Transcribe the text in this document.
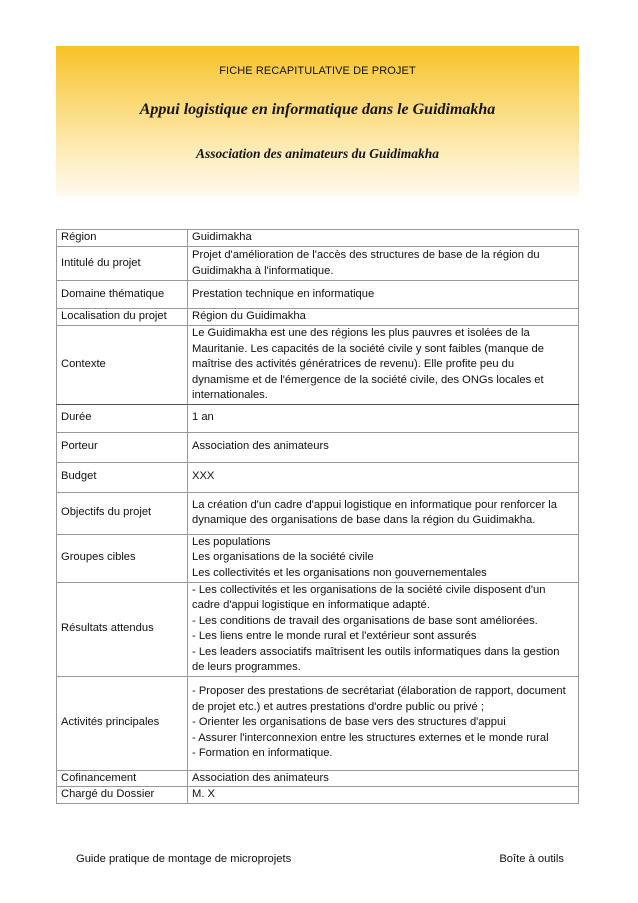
FICHE RECAPITULATIVE DE PROJET
Appui logistique en informatique dans le Guidimakha
Association des animateurs du Guidimakha
Région	Guidimakha
Intitulé du projet	Projet d'amélioration de l'accès des structures de base de la région du Guidimakha à l'informatique.
Domaine thématique	Prestation technique en informatique
Localisation du projet	Région du Guidimakha
Contexte	Le Guidimakha est une des régions les plus pauvres et isolées de la Mauritanie. Les capacités de la société civile y sont faibles (manque de maîtrise des activités génératrices de revenu). Elle profite peu du dynamisme et de l'émergence de la société civile, des ONGs locales et internationales.
Durée	1 an
Porteur	Association des animateurs
Budget	XXX
Objectifs du projet	La création d'un cadre d'appui logistique en informatique pour renforcer la dynamique des organisations de base dans la région du Guidimakha.
Groupes cibles	Les populations
Les organisations de la société civile
Les collectivités et les organisations non gouvernementales

Résultats attendus	- Les collectivités et les organisations de la société civile disposent d'un cadre d'appui logistique en informatique adapté.
- Les conditions de travail des organisations de base sont améliorées.
- Les liens entre le monde rural et l'extérieur sont assurés
- Les leaders associatifs maîtrisent les outils informatiques dans la gestion de leurs programmes.

Activités principales	- Proposer des prestations de secrétariat (élaboration de rapport, document de projet etc.) et autres prestations d'ordre public ou privé ;
- Orienter les organisations de base vers des structures d'appui
- Assurer l'interconnexion entre les structures externes et le monde rural
- Formation en informatique.

Cofinancement	Association des animateurs
Chargé du Dossier	M. X
Guide pratique de montage de microprojets	Boîte à outils
